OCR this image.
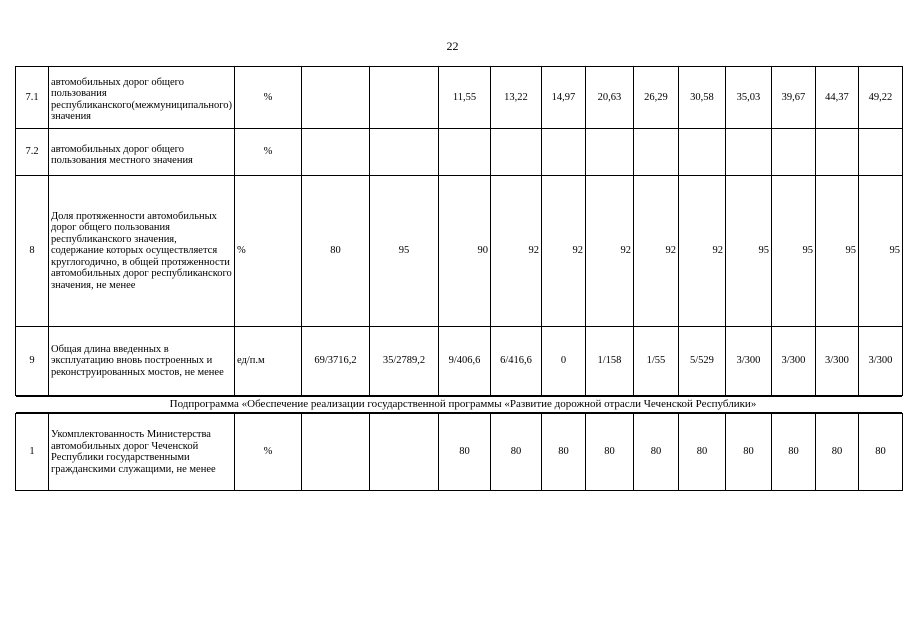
22
7.1	автомобильных дорог общего пользования республиканского(межмуниципального) значения	%			11,55	13,22	14,97	20,63	26,29	30,58	35,03	39,67	44,37	49,22
7.2	автомобильных дорог общего пользования местного значения	%												
8	Доля протяженности автомобильных дорог общего пользования республиканского значения, содержание которых осуществляется круглогодично, в общей протяженности автомобильных дорог республиканского значения, не менее	%	80	95	90	92	92	92	92	92	95	95	95	95
9	Общая длина введенных в эксплуатацию вновь построенных и реконструированных мостов, не менее	ед/п.м	69/3716,2	35/2789,2	9/406,6	6/416,6	0	1/158	1/55	5/529	3/300	3/300	3/300	3/300

Подпрограмма «Обеспечение реализации государственной программы «Развитие дорожной отрасли Чеченской Республики»														

1	Укомплектованность Министерства автомобильных дорог Чеченской Республики государственными гражданскими служащими, не менее	%			80	80	80	80	80	80	80	80	80	80
